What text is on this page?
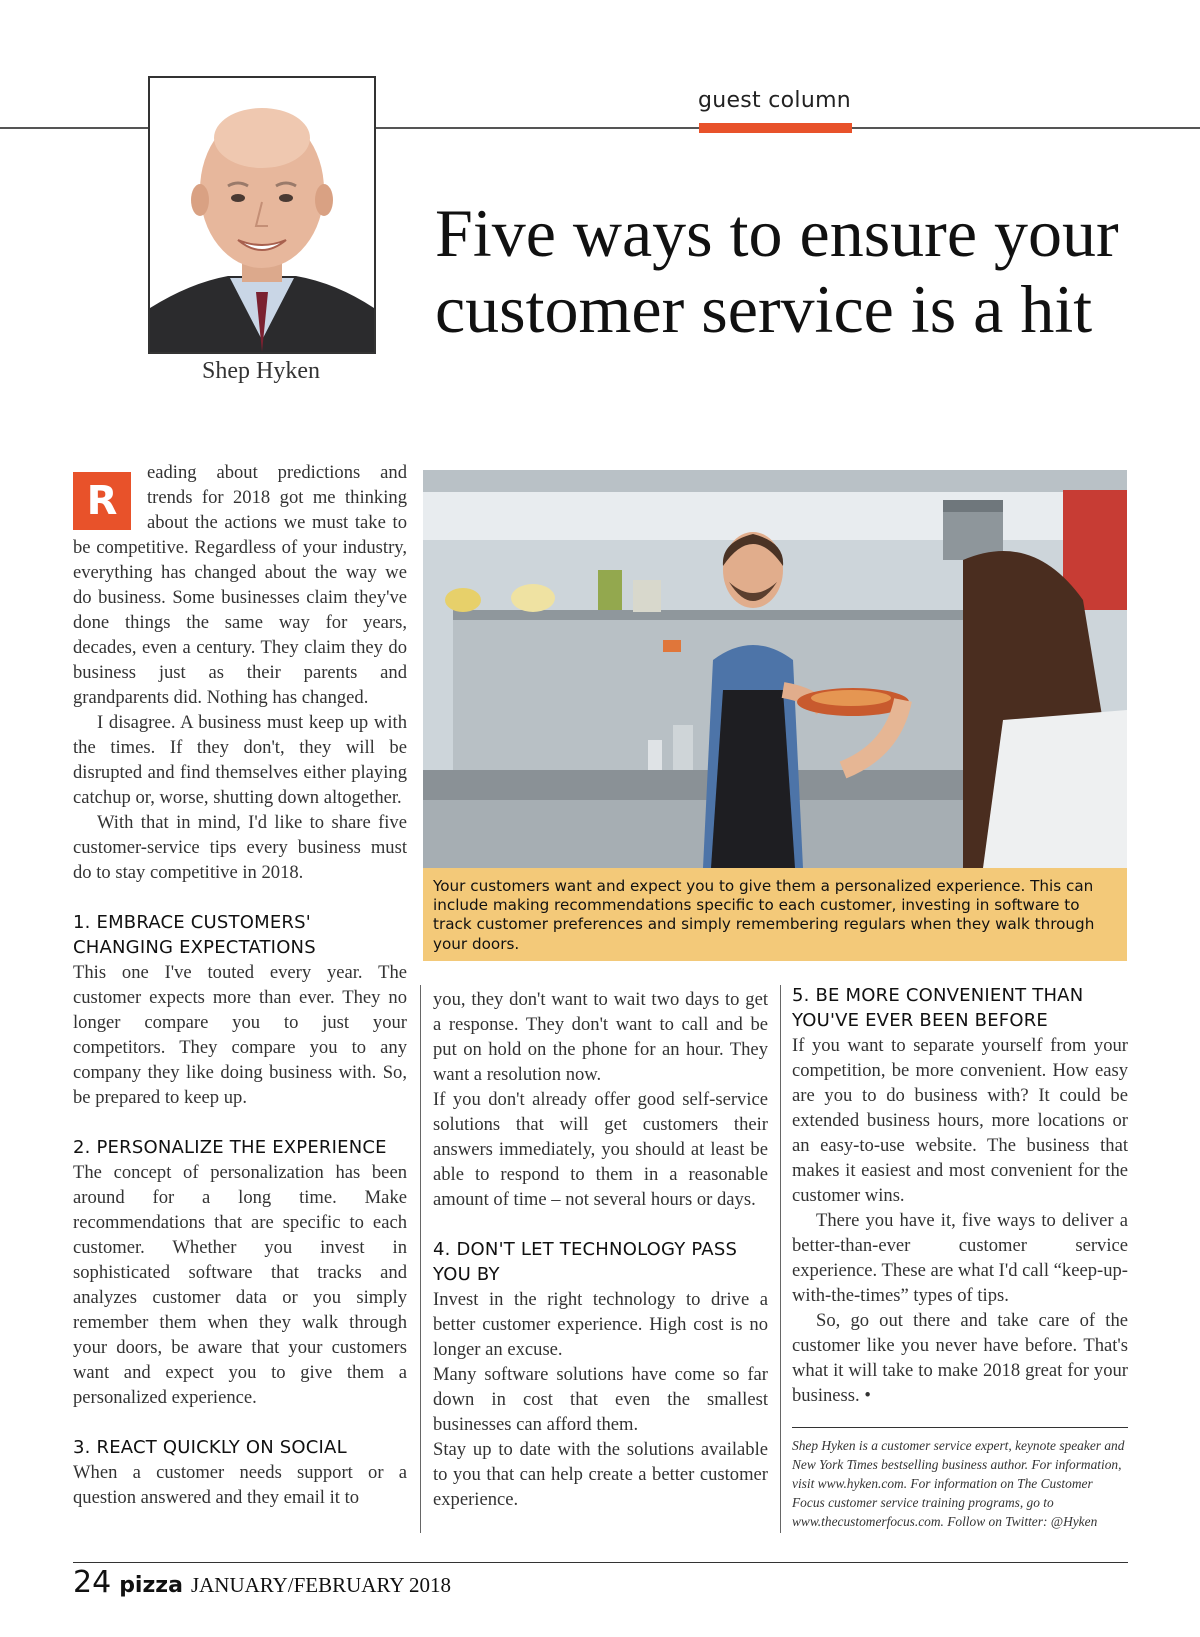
guest column
Shep Hyken
Five ways to ensure your customer service is a hit
R

eading about predictions and trends for 2018 got me thinking about the actions we must take to be competitive. Regardless of your industry, everything has changed about the way we do business. Some businesses claim they've done things the same way for years, decades, even a century. They claim they do business just as their parents and grandparents did. Nothing has changed.

I disagree. A business must keep up with the times. If they don't, they will be disrupted and find themselves either playing catchup or, worse, shutting down altogether.

With that in mind, I'd like to share five customer-service tips every business must do to stay competitive in 2018.

1. EMBRACE CUSTOMERS' CHANGING EXPECTATIONS

This one I've touted every year. The customer expects more than ever. They no longer compare you to just your competitors. They compare you to any company they like doing business with. So, be prepared to keep up.

2. PERSONALIZE THE EXPERIENCE

The concept of personalization has been around for a long time. Make recommendations that are specific to each customer. Whether you invest in sophisticated software that tracks and analyzes customer data or you simply remember them when they walk through your doors, be aware that your customers want and expect you to give them a personalized experience.

3. REACT QUICKLY ON SOCIAL

When a customer needs support or a question answered and they email it to

Your customers want and expect you to give them a personalized experience. This can include making recommendations specific to each customer, investing in software to track customer preferences and simply remembering regulars when they walk through your doors.

you, they don't want to wait two days to get a response. They don't want to call and be put on hold on the phone for an hour. They want a resolution now.

If you don't already offer good self-service solutions that will get customers their answers immediately, you should at least be able to respond to them in a reasonable amount of time – not several hours or days.

4. DON'T LET TECHNOLOGY PASS YOU BY

Invest in the right technology to drive a better customer experience. High cost is no longer an excuse.

Many software solutions have come so far down in cost that even the smallest businesses can afford them.

Stay up to date with the solutions available to you that can help create a better customer experience.

5. BE MORE CONVENIENT THAN YOU'VE EVER BEEN BEFORE

If you want to separate yourself from your competition, be more convenient. How easy are you to do business with? It could be extended business hours, more locations or an easy-to-use website. The business that makes it easiest and most convenient for the customer wins.

There you have it, five ways to deliver a better-than-ever customer service experience. These are what I'd call “keep-up-with-the-times” types of tips.

So, go out there and take care of the customer like you never have before. That's what it will take to make 2018 great for your business. •

Shep Hyken is a customer service expert, keynote speaker and New York Times bestselling business author. For information, visit www.hyken.com. For information on The Customer Focus customer service training programs, go to www.thecustomerfocus.com. Follow on Twitter: @Hyken
24 pizza JANUARY/FEBRUARY 2018
